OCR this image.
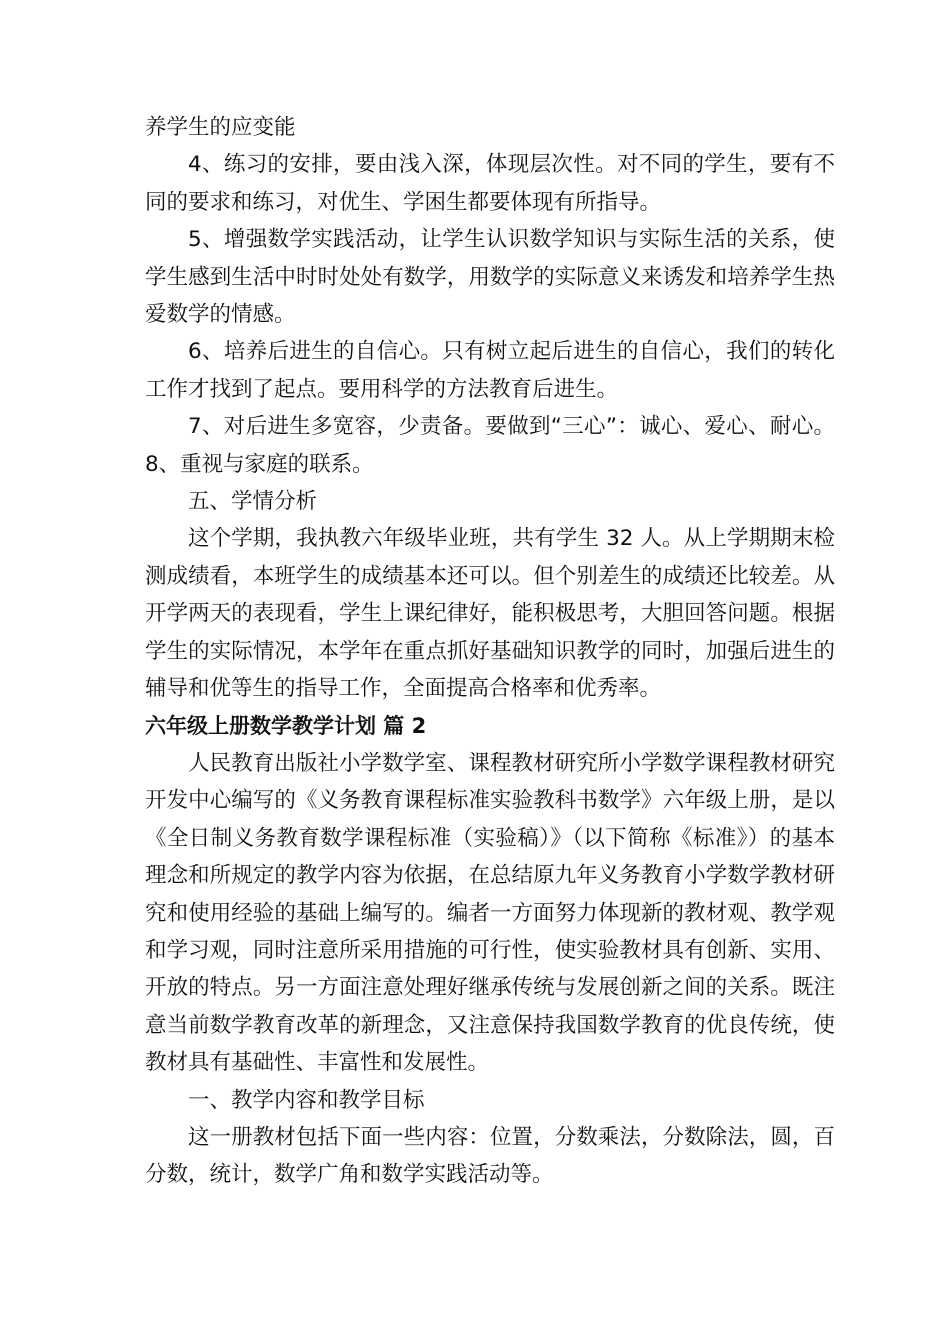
养学生的应变能

4、练习的安排，要由浅入深，体现层次性。对不同的学生，要有不同的要求和练习，对优生、学困生都要体现有所指导。

5、增强数学实践活动，让学生认识数学知识与实际生活的关系，使学生感到生活中时时处处有数学，用数学的实际意义来诱发和培养学生热爱数学的情感。

6、培养后进生的自信心。只有树立起后进生的自信心，我们的转化工作才找到了起点。要用科学的方法教育后进生。

7、对后进生多宽容，少责备。要做到“三心”：诚心、爱心、耐心。 8、重视与家庭的联系。

五、学情分析

这个学期，我执教六年级毕业班，共有学生 32 人。从上学期期末检测成绩看，本班学生的成绩基本还可以。但个别差生的成绩还比较差。从开学两天的表现看，学生上课纪律好，能积极思考，大胆回答问题。根据学生的实际情况，本学年在重点抓好基础知识教学的同时，加强后进生的辅导和优等生的指导工作，全面提高合格率和优秀率。

六年级上册数学教学计划 篇 2

人民教育出版社小学数学室、课程教材研究所小学数学课程教材研究开发中心编写的《义务教育课程标准实验教科书数学》六年级上册，是以《全日制义务教育数学课程标准（实验稿）》（以下简称《标准》）的基本理念和所规定的教学内容为依据，在总结原九年义务教育小学数学教材研究和使用经验的基础上编写的。编者一方面努力体现新的教材观、教学观和学习观，同时注意所采用措施的可行性，使实验教材具有创新、实用、开放的特点。另一方面注意处理好继承传统与发展创新之间的关系。既注意当前数学教育改革的新理念，又注意保持我国数学教育的优良传统，使教材具有基础性、丰富性和发展性。

一、教学内容和教学目标

这一册教材包括下面一些内容：位置，分数乘法，分数除法，圆，百分数，统计，数学广角和数学实践活动等。
